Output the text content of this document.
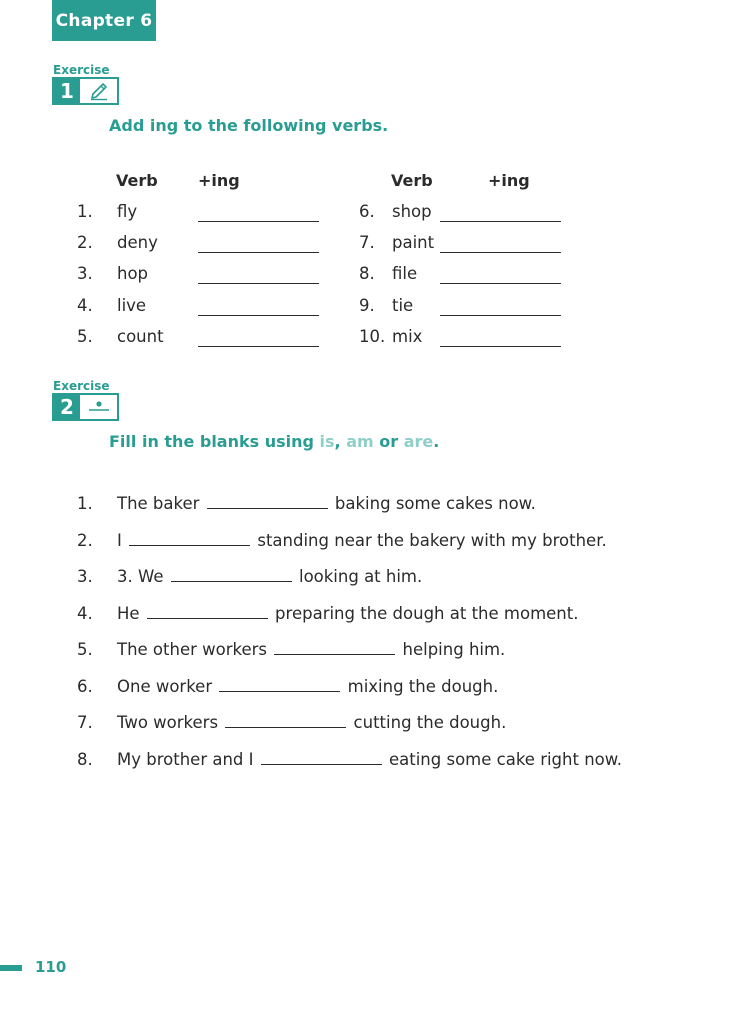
Chapter 6
Exercise
1
Add ing to the following verbs.
Verb	+ing	Verb	+ing
1. fly
2. deny
3. hop
4. live
5. count
6. shop
7. paint
8. file
9. tie
10. mix
Exercise
2
Fill in the blanks using is, am or are.
1. The baker	baking some cakes now.
2. I	standing near the bakery with my brother.
3. 3. We	looking at him.
4. He	preparing the dough at the moment.
5. The other workers	helping him.
6. One worker	mixing the dough.
7. Two workers	cutting the dough.
8. My brother and I	eating some cake right now.
110
